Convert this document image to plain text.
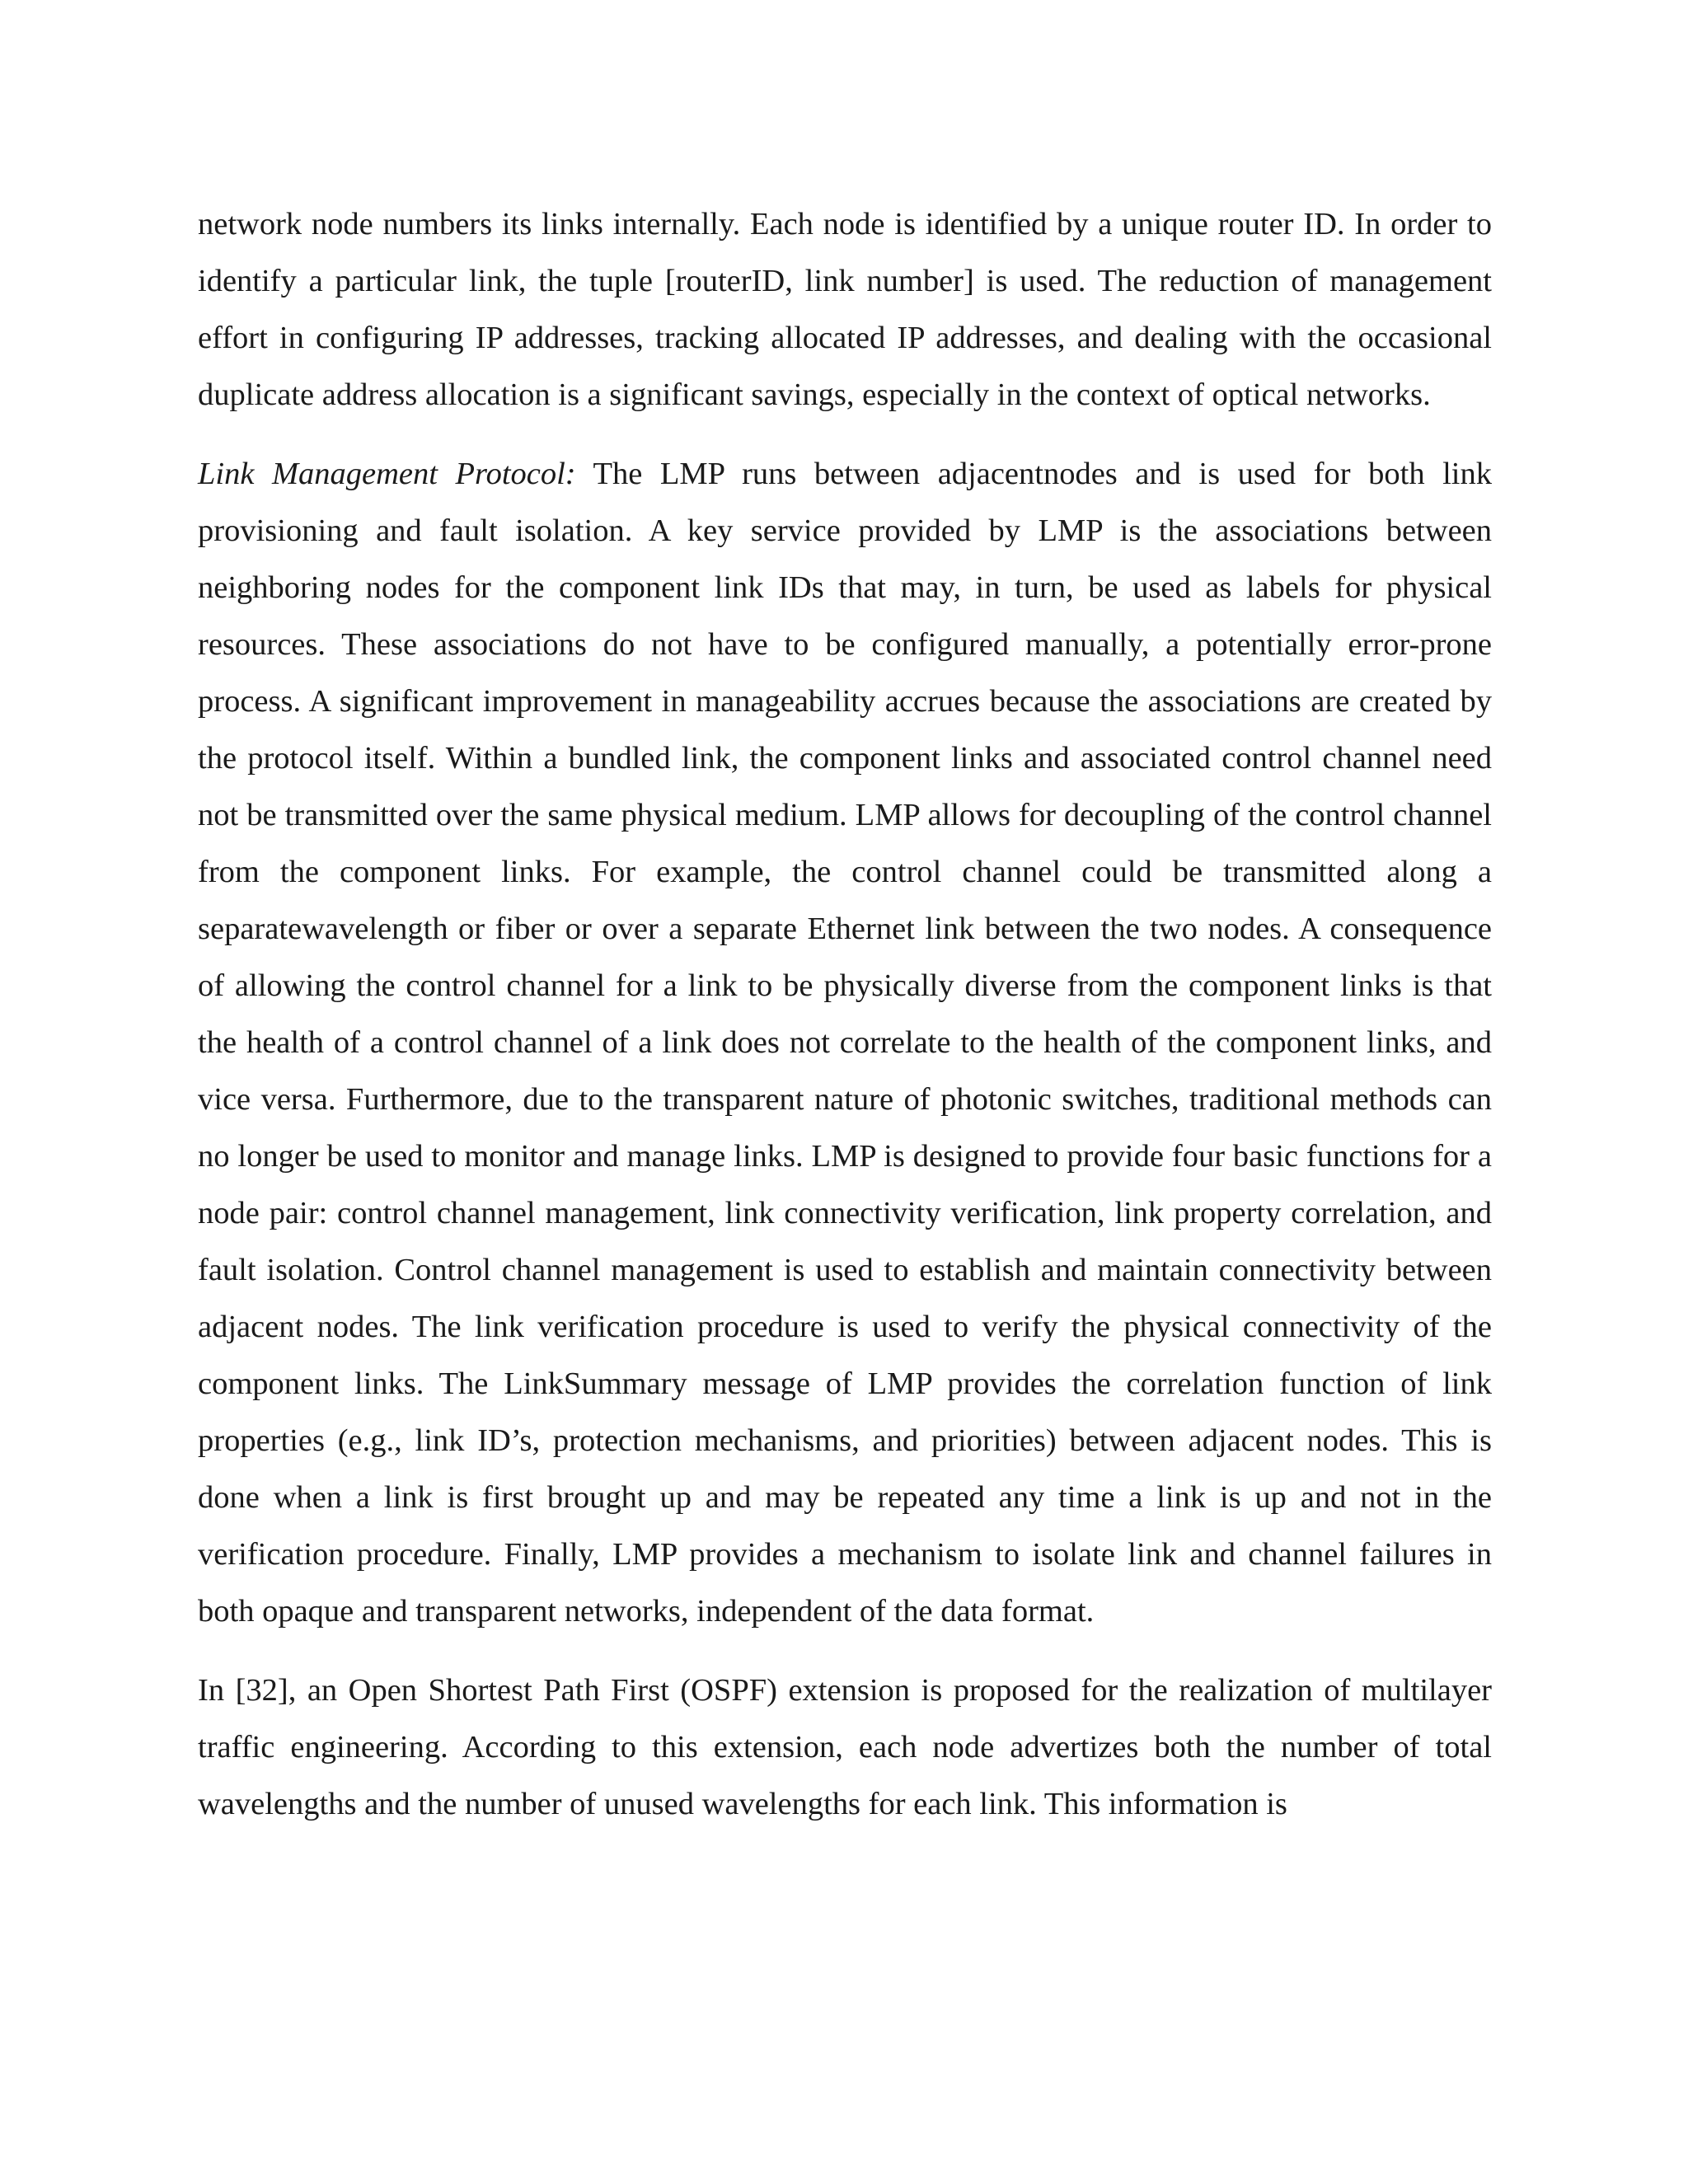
network node numbers its links internally. Each node is identified by a unique router ID. In order to identify a particular link, the tuple [routerID, link number] is used. The reduction of management effort in configuring IP addresses, tracking allocated IP addresses, and dealing with the occasional duplicate address allocation is a significant savings, especially in the context of optical networks.

Link Management Protocol: The LMP runs between adjacentnodes and is used for both link provisioning and fault isolation. A key service provided by LMP is the associations between neighboring nodes for the component link IDs that may, in turn, be used as labels for physical resources. These associations do not have to be configured manually, a potentially error-prone process. A significant improvement in manageability accrues because the associations are created by the protocol itself. Within a bundled link, the component links and associated control channel need not be transmitted over the same physical medium. LMP allows for decoupling of the control channel from the component links. For example, the control channel could be transmitted along a separatewavelength or fiber or over a separate Ethernet link between the two nodes. A consequence of allowing the control channel for a link to be physically diverse from the component links is that the health of a control channel of a link does not correlate to the health of the component links, and vice versa. Furthermore, due to the transparent nature of photonic switches, traditional methods can no longer be used to monitor and manage links. LMP is designed to provide four basic functions for a node pair: control channel management, link connectivity verification, link property correlation, and fault isolation. Control channel management is used to establish and maintain connectivity between adjacent nodes. The link verification procedure is used to verify the physical connectivity of the component links. The LinkSummary message of LMP provides the correlation function of link properties (e.g., link ID’s, protection mechanisms, and priorities) between adjacent nodes. This is done when a link is first brought up and may be repeated any time a link is up and not in the verification procedure. Finally, LMP provides a mechanism to isolate link and channel failures in both opaque and transparent networks, independent of the data format.

In [32], an Open Shortest Path First (OSPF) extension is proposed for the realization of multilayer traffic engineering. According to this extension, each node advertizes both the number of total wavelengths and the number of unused wavelengths for each link. This information is
